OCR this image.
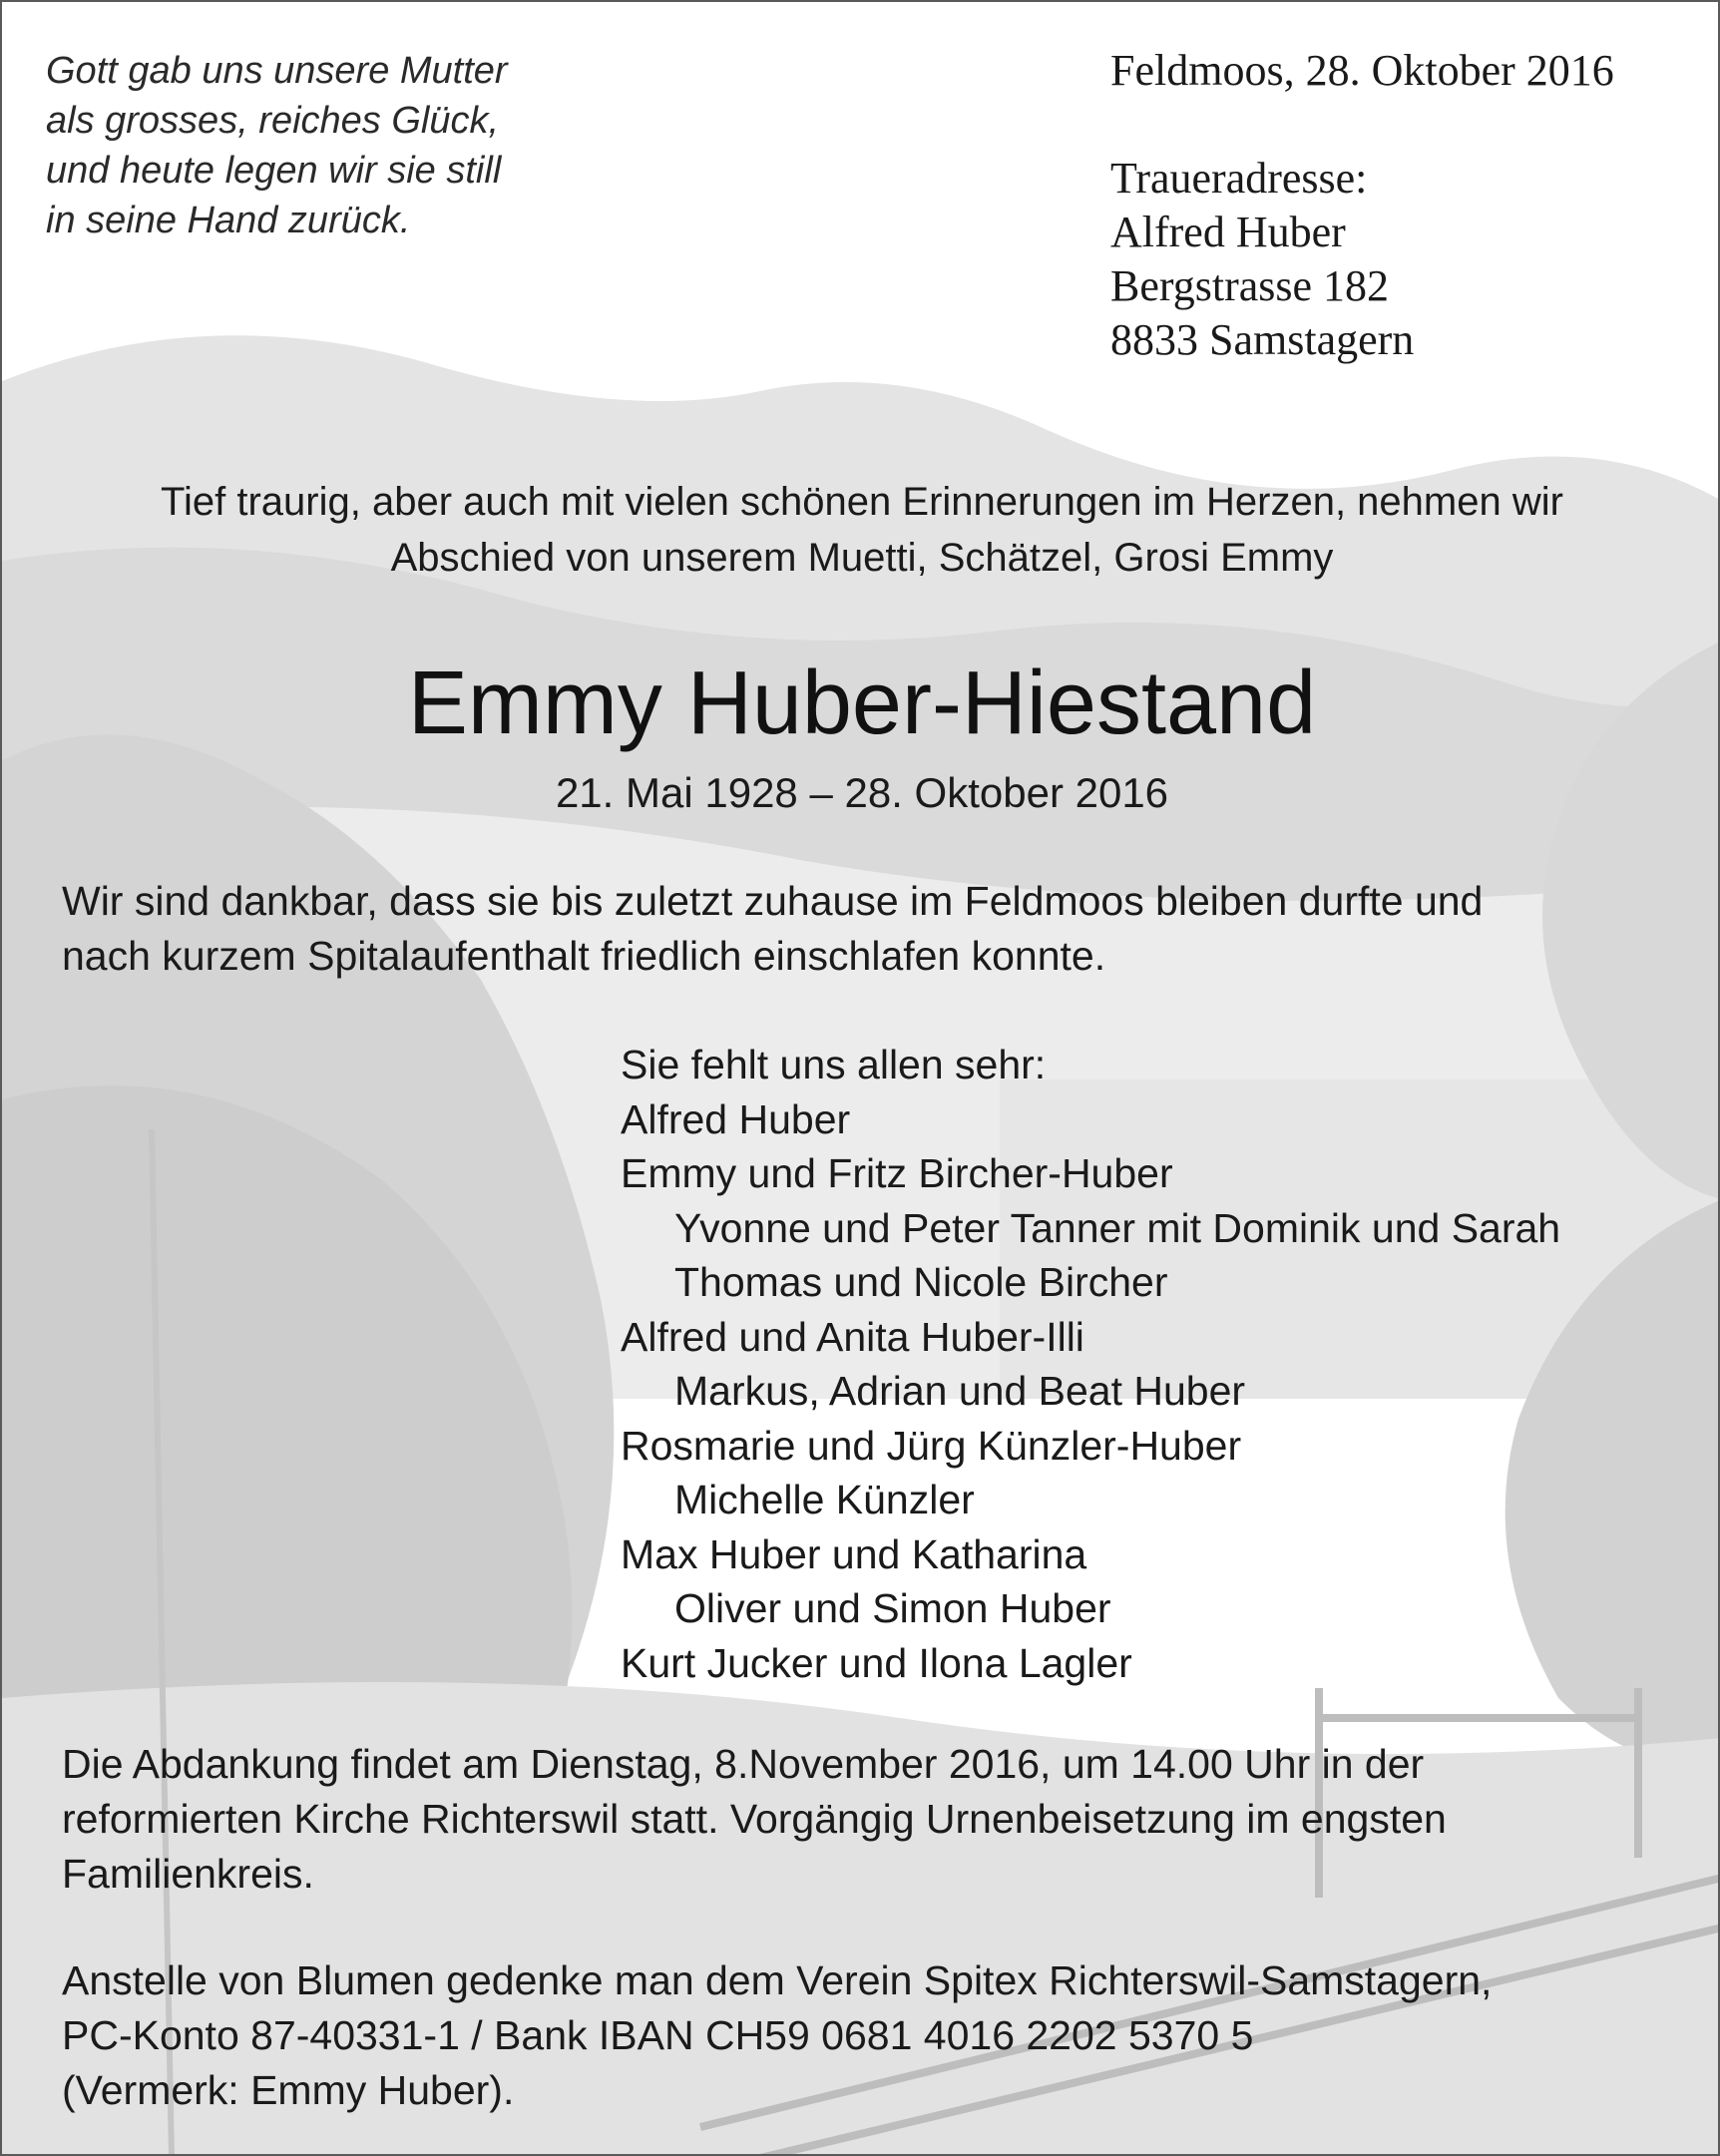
Gott gab uns unsere Mutter
als grosses, reiches Glück,
und heute legen wir sie still
in seine Hand zurück.
Feldmoos, 28. Oktober 2016
Traueradresse:
Alfred Huber
Bergstrasse 182
8833 Samstagern
Tief traurig, aber auch mit vielen schönen Erinnerungen im Herzen, nehmen wir
Abschied von unserem Muetti, Schätzel, Grosi Emmy
Emmy Huber-Hiestand
21. Mai 1928 – 28. Oktober 2016
Wir sind dankbar, dass sie bis zuletzt zuhause im Feldmoos bleiben durfte und
nach kurzem Spitalaufenthalt friedlich einschlafen konnte.
Sie fehlt uns allen sehr:
Alfred Huber
Emmy und Fritz Bircher-Huber
Yvonne und Peter Tanner mit Dominik und Sarah
Thomas und Nicole Bircher
Alfred und Anita Huber-Illi
Markus, Adrian und Beat Huber
Rosmarie und Jürg Künzler-Huber
Michelle Künzler
Max Huber und Katharina
Oliver und Simon Huber
Kurt Jucker und Ilona Lagler
Die Abdankung findet am Dienstag, 8.November 2016, um 14.00 Uhr in der
reformierten Kirche Richterswil statt. Vorgängig Urnenbeisetzung im engsten
Familienkreis.
Anstelle von Blumen gedenke man dem Verein Spitex Richterswil-Samstagern,
PC-Konto 87-40331-1 / Bank IBAN CH59 0681 4016 2202 5370 5
(Vermerk: Emmy Huber).
